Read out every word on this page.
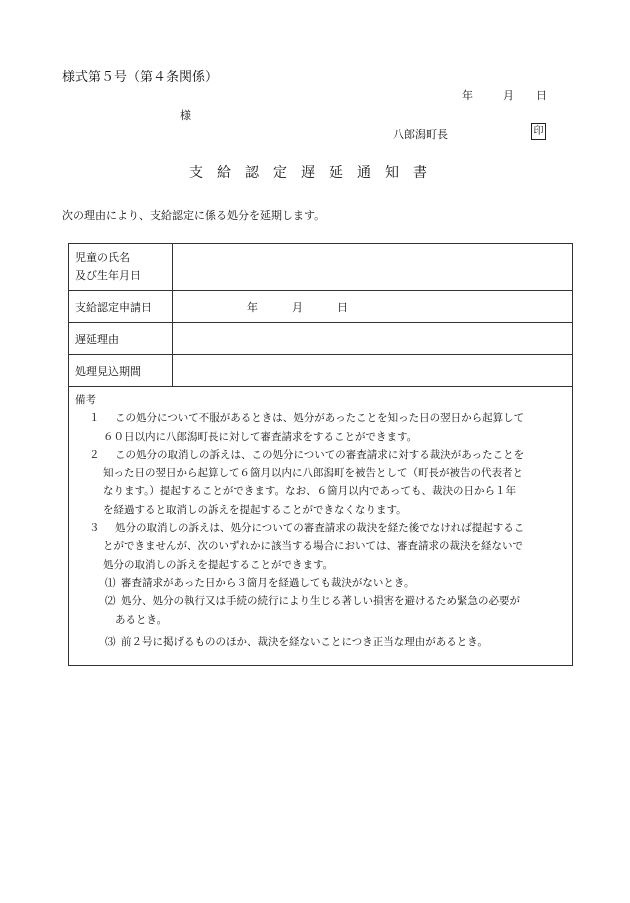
様式第５号（第４条関係）
年	月 日
様
八郎潟町長	印
支給認定遅延通知書
次の理由により、支給認定に係る処分を延期します。
児童の氏名
及び生年月日
支給認定申請日	年	月	日
遅延理由
処理見込期間
備考
１	この処分について不服があるときは、処分があったことを知った日の翌日から起算して
６０日以内に八郎潟町長に対して審査請求をすることができます。
２	この処分の取消しの訴えは、この処分についての審査請求に対する裁決があったことを
知った日の翌日から起算して６箇月以内に八郎潟町を被告として（町長が被告の代表者と
なります。）提起することができます。なお、６箇月以内であっても、裁決の日から１年
を経過すると取消しの訴えを提起することができなくなります。
３	処分の取消しの訴えは、処分についての審査請求の裁決を経た後でなければ提起するこ
とができませんが、次のいずれかに該当する場合においては、審査請求の裁決を経ないで
処分の取消しの訴えを提起することができます。
⑴ 審査請求があった日から３箇月を経過しても裁決がないとき。
⑵ 処分、処分の執行又は手続の続行により生じる著しい損害を避けるため緊急の必要が
あるとき。
⑶ 前２号に掲げるもののほか、裁決を経ないことにつき正当な理由があるとき。
